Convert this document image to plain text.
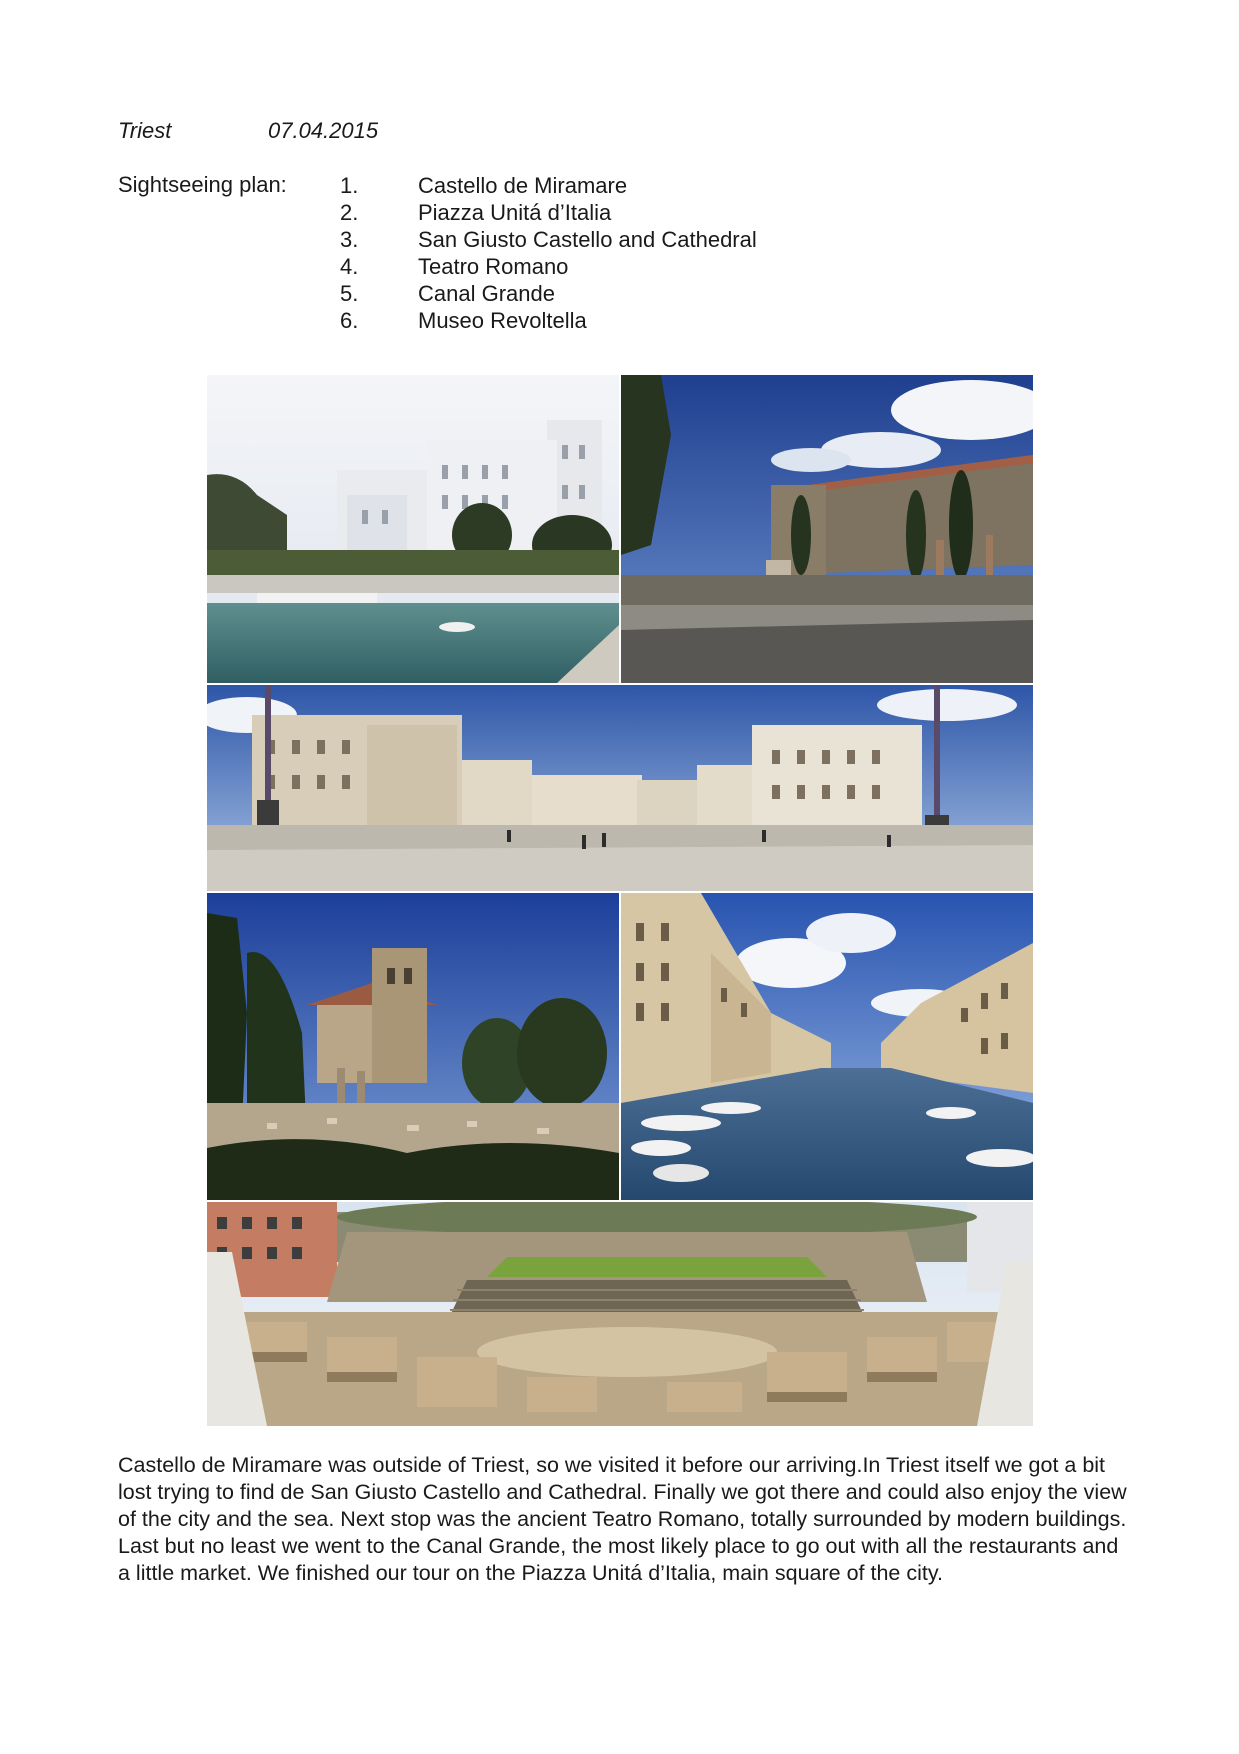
Triest	07.04.2015
Sightseeing plan: 1.	Castello de Miramare
2.	Piazza Unitá d’Italia
3.	San Giusto Castello and Cathedral
4.	Teatro Romano
5.	Canal Grande
6.	Museo Revoltella

Castello de Miramare was outside of Triest, so we visited it before our arriving.In Triest itself we got a bit lost trying to find de San Giusto Castello and Cathedral. Finally we got there and could also enjoy the view of the city and the sea. Next stop was the ancient Teatro Romano, totally surrounded by modern buildings. Last but no least we went to the Canal Grande, the most likely place to go out with all the restaurants and a little market. We finished our tour on the Piazza Unitá d’Italia, main square of the city.
